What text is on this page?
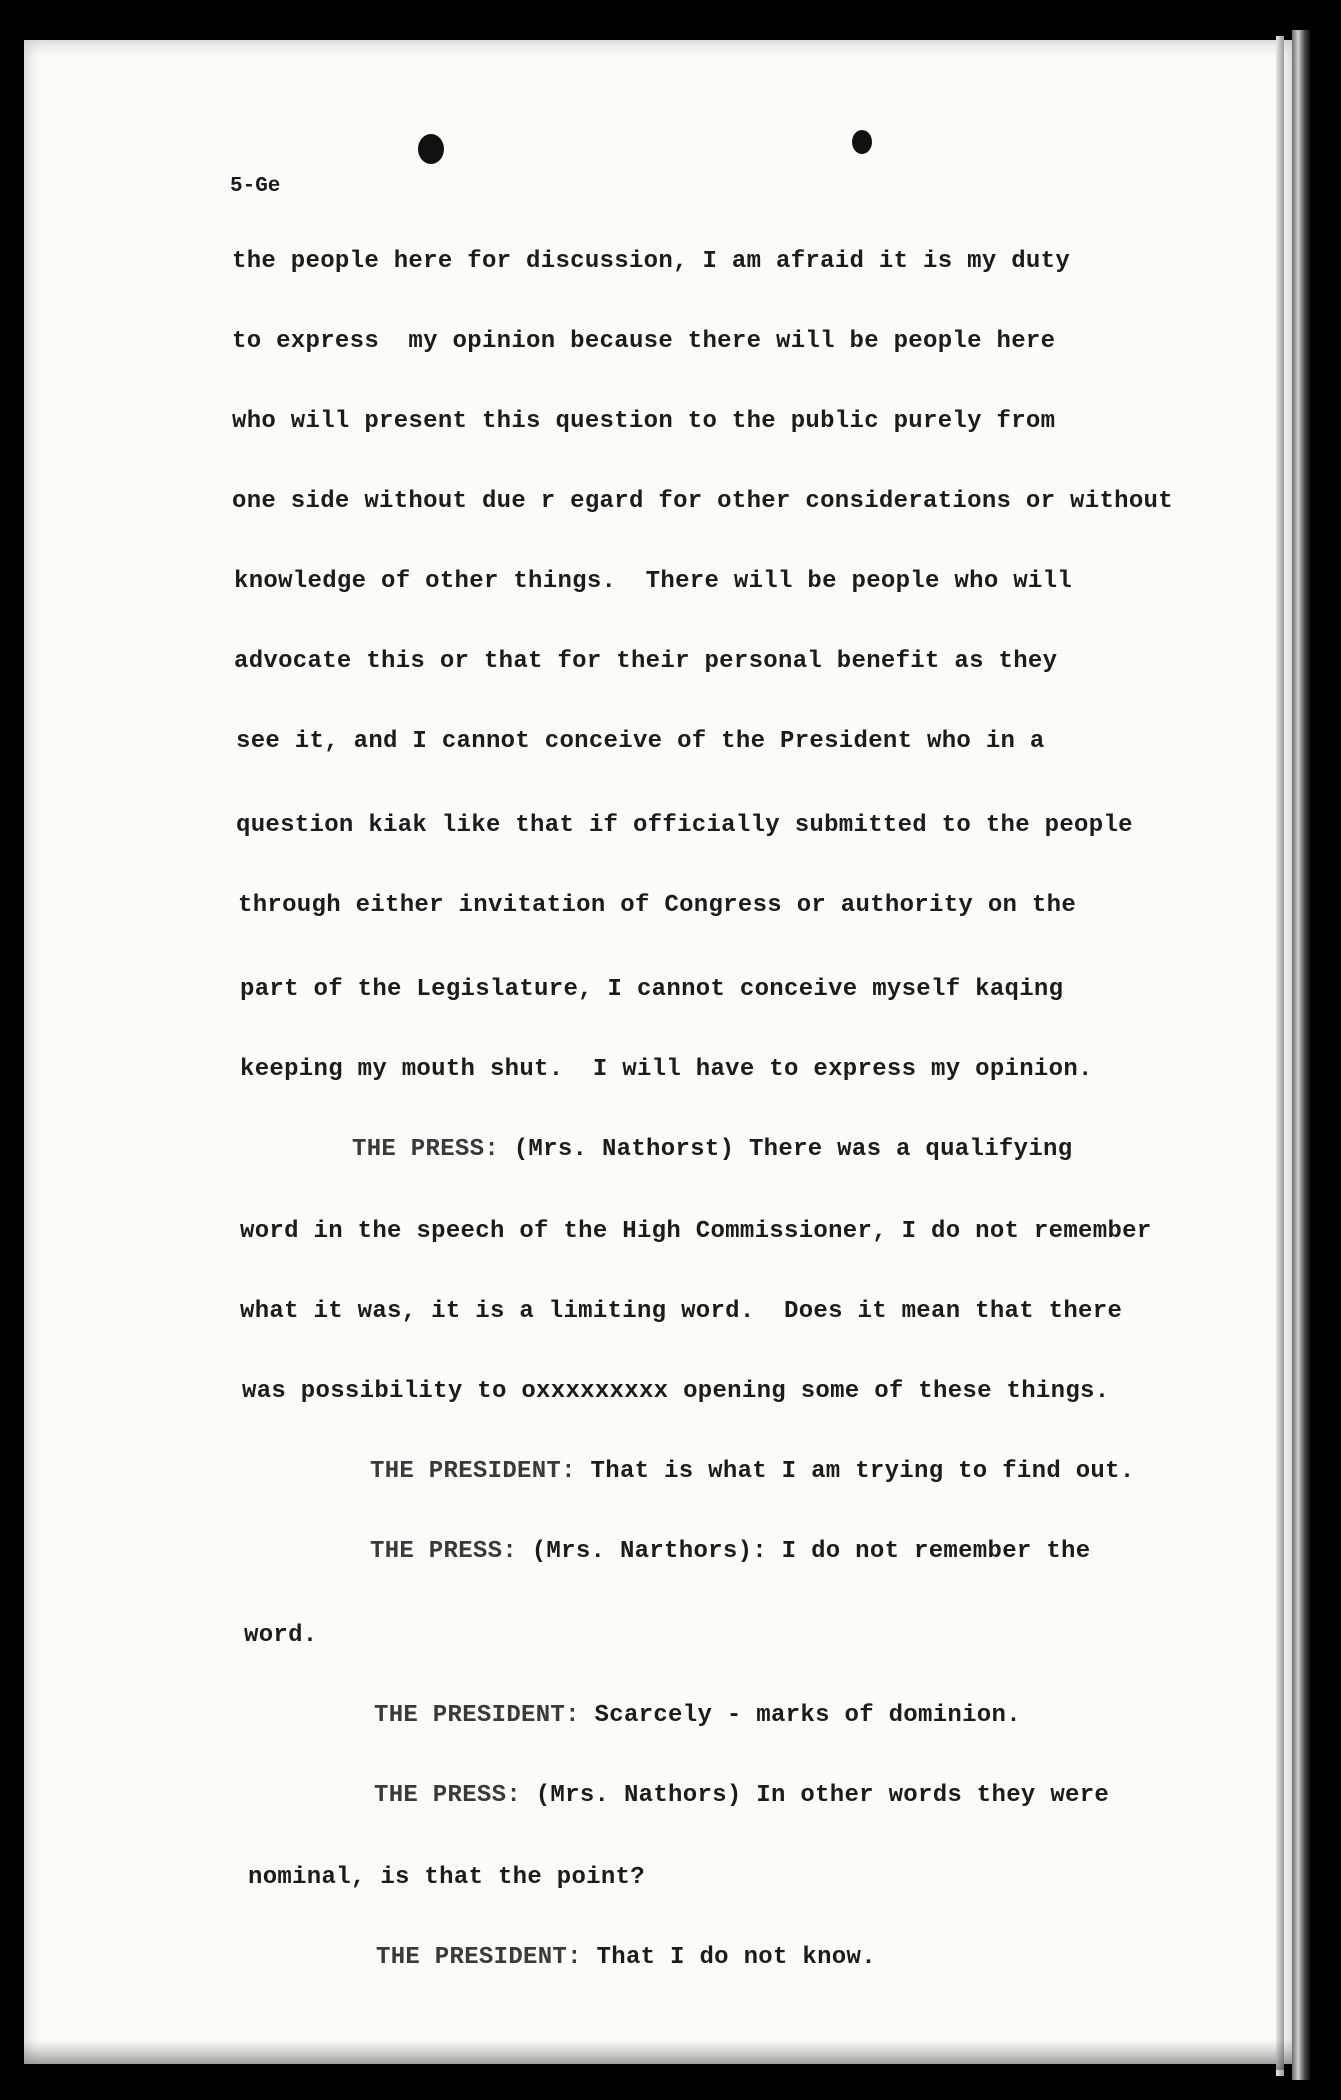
5-Ge

the people here for discussion, I am afraid it is my duty

to express  my opinion because there will be people here

who will present this question to the public purely from

one side without due r egard for other considerations or without

knowledge of other things.  There will be people who will

advocate this or that for their personal benefit as they

see it, and I cannot conceive of the President who in a

question kiak like that if officially submitted to the people

through either invitation of Congress or authority on the

part of the Legislature, I cannot conceive myself kaqing

keeping my mouth shut.  I will have to express my opinion.

THE PRESS: (Mrs. Nathorst) There was a qualifying

word in the speech of the High Commissioner, I do not remember

what it was, it is a limiting word.  Does it mean that there

was possibility to oxxxxxxxxx opening some of these things.

THE PRESIDENT: That is what I am trying to find out.

THE PRESS: (Mrs. Narthors): I do not remember the

word.

THE PRESIDENT: Scarcely - marks of dominion.

THE PRESS: (Mrs. Nathors) In other words they were

nominal, is that the point?

THE PRESIDENT: That I do not know.
